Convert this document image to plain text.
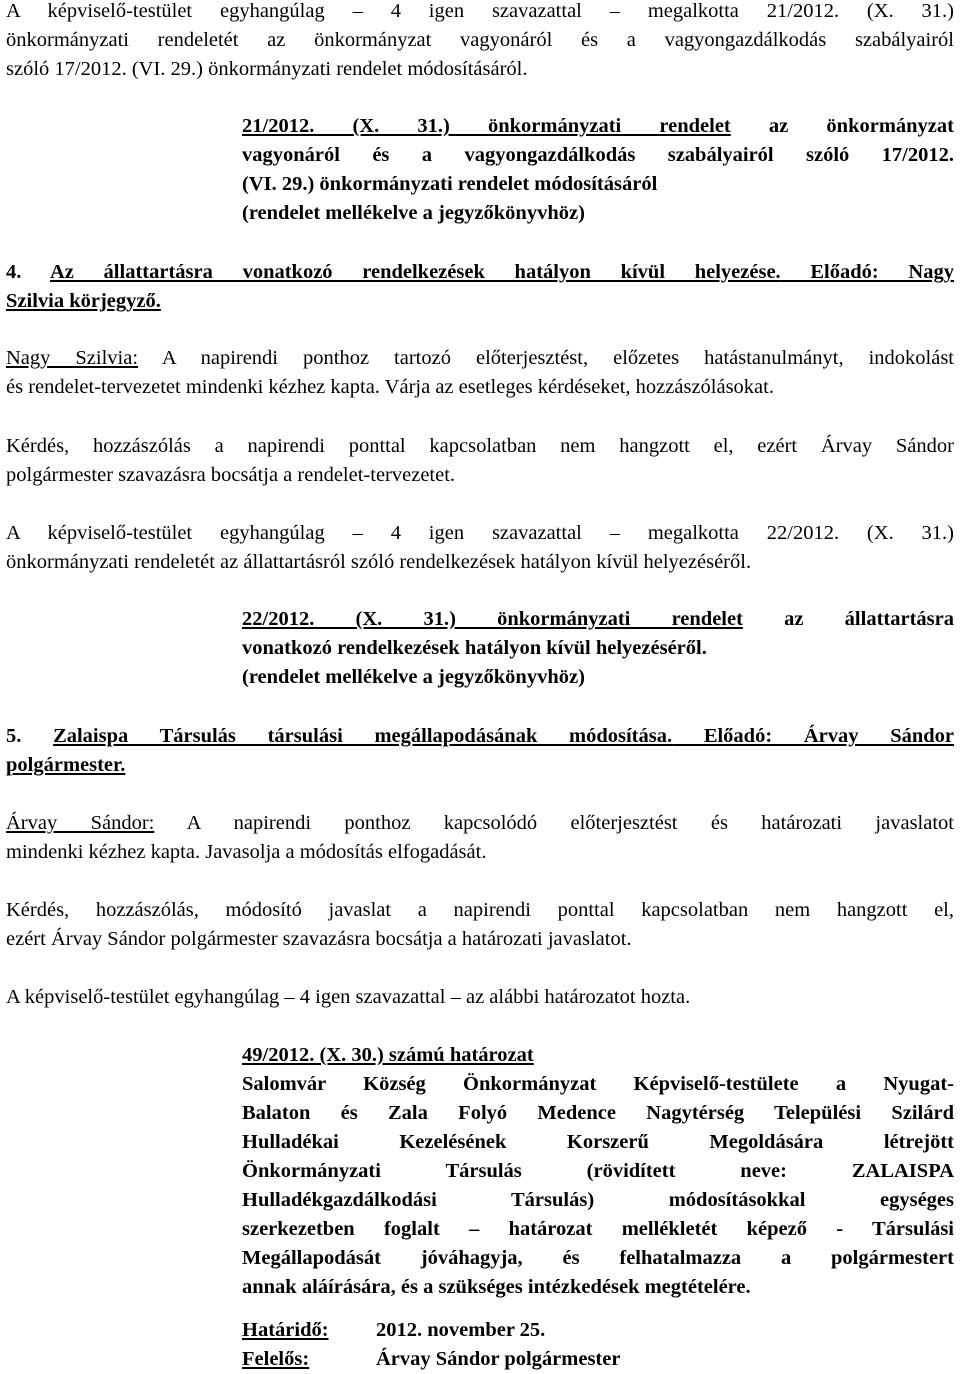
A képviselő-testület egyhangúlag – 4 igen szavazattal – megalkotta 21/2012. (X. 31.)

önkormányzati rendeletét az önkormányzat vagyonáról és a vagyongazdálkodás szabályairól

szóló 17/2012. (VI. 29.) önkormányzati rendelet módosításáról.

21/2012. (X. 31.) önkormányzati rendelet az önkormányzat

vagyonáról és a vagyongazdálkodás szabályairól szóló 17/2012.

(VI. 29.) önkormányzati rendelet módosításáról

(rendelet mellékelve a jegyzőkönyvhöz)

4. Az állattartásra vonatkozó rendelkezések hatályon kívül helyezése. Előadó: Nagy

Szilvia körjegyző.

Nagy Szilvia: A napirendi ponthoz tartozó előterjesztést, előzetes hatástanulmányt, indokolást

és rendelet-tervezetet mindenki kézhez kapta. Várja az esetleges kérdéseket, hozzászólásokat.

Kérdés, hozzászólás a napirendi ponttal kapcsolatban nem hangzott el, ezért Árvay Sándor

polgármester szavazásra bocsátja a rendelet-tervezetet.

A képviselő-testület egyhangúlag – 4 igen szavazattal – megalkotta 22/2012. (X. 31.)

önkormányzati rendeletét az állattartásról szóló rendelkezések hatályon kívül helyezéséről.

22/2012. (X. 31.) önkormányzati rendelet az állattartásra

vonatkozó rendelkezések hatályon kívül helyezéséről.

(rendelet mellékelve a jegyzőkönyvhöz)

5. Zalaispa Társulás társulási megállapodásának módosítása. Előadó: Árvay Sándor

polgármester.

Árvay Sándor: A napirendi ponthoz kapcsolódó előterjesztést és határozati javaslatot

mindenki kézhez kapta. Javasolja a módosítás elfogadását.

Kérdés, hozzászólás, módosító javaslat a napirendi ponttal kapcsolatban nem hangzott el,

ezért Árvay Sándor polgármester szavazásra bocsátja a határozati javaslatot.

A képviselő-testület egyhangúlag – 4 igen szavazattal – az alábbi határozatot hozta.

49/2012. (X. 30.) számú határozat

Salomvár Község Önkormányzat Képviselő-testülete a Nyugat-

Balaton és Zala Folyó Medence Nagytérség Települési Szilárd

Hulladékai Kezelésének Korszerű Megoldására létrejött

Önkormányzati Társulás (rövidített neve: ZALAISPA

Hulladékgazdálkodási Társulás) módosításokkal egységes

szerkezetben foglalt – határozat mellékletét képező - Társulási

Megállapodását jóváhagyja, és felhatalmazza a polgármestert

annak aláírására, és a szükséges intézkedések megtételére.

Határidő: 2012. november 25.

Felelős:	Árvay Sándor polgármester
